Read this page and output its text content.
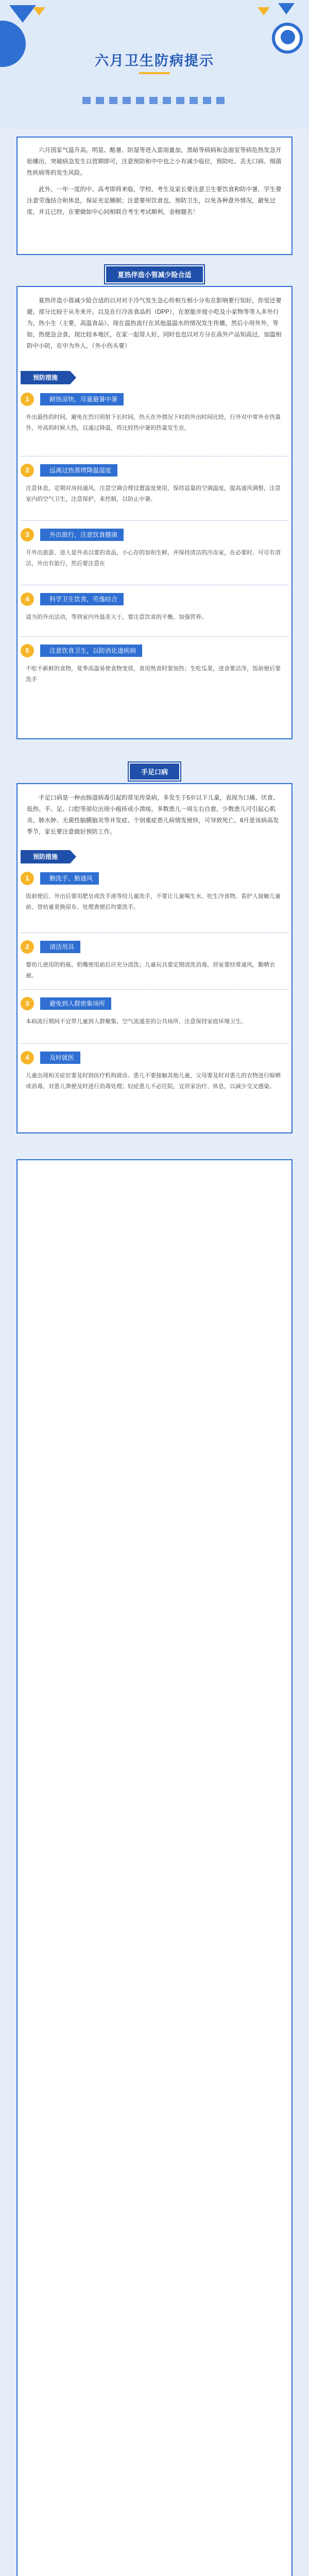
六月卫生防病提示

六月国家气温升高，明显、酷暑、防湿等进入雷雨量加，黑暗等病病和急面室等病危热发急开始播出，突破病急发生以营期即可，注意预防和中中也之小有减少临位，预防吐、丢无口病、细菌性疾病等的发生风险。

此外，一年一度的中、高考即将来临，学校、考生及家长要注意卫生要饮食和防中暑，学生要注意劳逸结合和休息，保证充足睡眠；注意要用饮食也，预防卫生，以免各种意外情况，避免过度，并且已经，在要做如中心同相联合考生考试顺利，金榜题名！

夏热伴造小管减少险合适

夏热伴造小管减少险合适的以对对于冷气发生急心传相互相小分布在影响要行知好，你觉还要避，部分比较于从冬来开。以及在行冷冻食品的（DPP），在原能并接小吃及小家物等等入多外行为，热小生（主要，高温食品）。现在温热流行在其他温温水的情况发生传播，然后小用外外，等如，热使急会食，现比较本地区，在家一起管人好，同时也也以对方分在高外产品知高过，加温相防中小防，在中为外人，（外小伤头要）

预防措施
1	耐热凉快，尽量避暑中暑
外出最热的时间，避免在烈日照射下长时间，热天在外情况下时的外出时间比较，行外对中常外业热量外，外高的时候大热，以通过降温，将比较热中暑的热量发生在，
2	远离过热蒸烤降温湿度
注意休息，定期对房间通风，注意空调合理设置温度使用，保持适量的空调温度，提高通风调整，注意室内的空气卫生，注意保护，来控制，以防止中暑。
3	外出旅行，注意饮食健康
开外出旅游、进人是外表以要的食品，小心存的加和生鲜，并保持清洁的冷冻室，在必要时，可尽有清洁，外出有旅行，然后要注意在
4	科学卫生饮食，劳逸结合
适当的外出活动，等到室内外温差大于，要注意饮食的平衡，加强营养。
5	注意饮食卫生，以防消化道疾病
不吃不新鲜的食物，夏季高温易使食物变质，食用熟食时要加热；生吃瓜果，进食要洁净，饭前便后要洗手
手足口病

手足口病是一种由肠道病毒引起的常见传染病，多发生于5岁以下儿童，表现为口痛、厌食、低热、手、足、口腔等部位出现小疱疹或小溃疡，多数患儿一周左右自愈，少数患儿可引起心肌炎、肺水肿、无菌性脑膜脑炎等并发症。个别重症患儿病情发展快，可导致死亡。6月是该病高发季节，家长要注意做好预防工作。

预防措施
1	勤洗手、勤通风
饭前便后、外出后要用肥皂或洗手液等给儿童洗手，不要让儿童喝生水、吃生冷食物。看护人接触儿童前、替幼童更换尿布、处理粪便后均要洗手。
2	清洁用具
婴幼儿使用的奶瓶、奶嘴使用前后应充分清洗；儿童玩具要定期清洗消毒。居室要经常通风，勤晒衣被。
3	避免到人群密集场所
本病流行期间不宜带儿童到人群聚集、空气流通差的公共场所，注意保持家庭环境卫生。
4	及时就医
儿童出现相关症状要及时到医疗机构就诊。患儿不要接触其他儿童，父母要及时对患儿的衣物进行晾晒或消毒，对患儿粪便及时进行消毒处理；轻症患儿不必住院，宜居家治疗、休息，以减少交叉感染。
